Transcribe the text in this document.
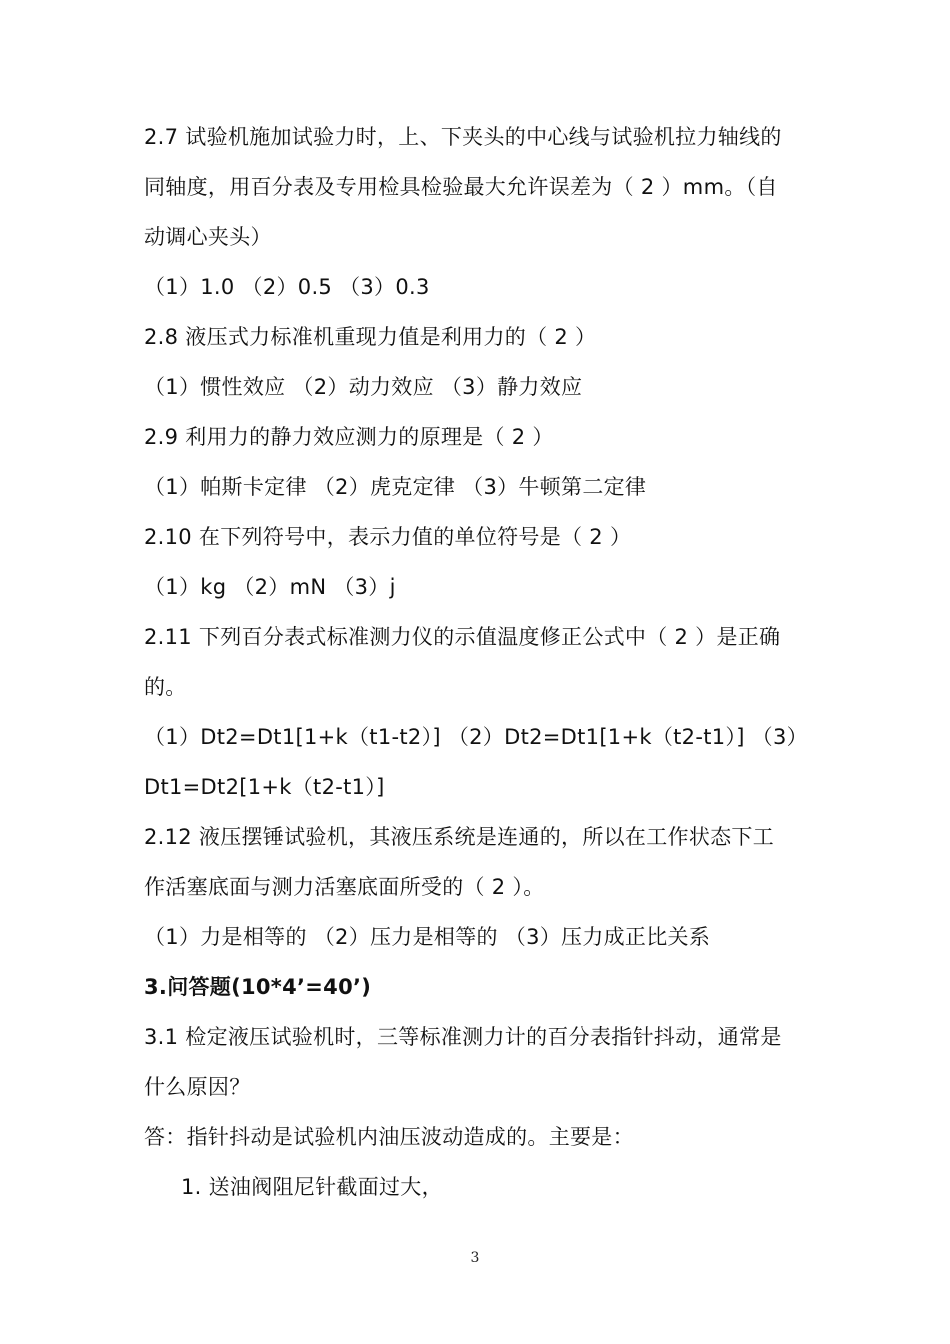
2.7 试验机施加试验力时，上、下夹头的中心线与试验机拉力轴线的
同轴度，用百分表及专用检具检验最大允许误差为（ 2 ）mm。（自
动调心夹头）
（1）1.0 （2）0.5 （3）0.3
2.8 液压式力标准机重现力值是利用力的（ 2 ）
（1）惯性效应 （2）动力效应 （3）静力效应
2.9 利用力的静力效应测力的原理是（ 2 ）
（1）帕斯卡定律 （2）虎克定律 （3）牛顿第二定律
2.10 在下列符号中，表示力值的单位符号是（ 2 ）
（1）kg （2）mN （3）j
2.11 下列百分表式标准测力仪的示值温度修正公式中（ 2 ）是正确
的。
（1）Dt2=Dt1[1+k（t1-t2）] （2）Dt2=Dt1[1+k（t2-t1）] （3）
Dt1=Dt2[1+k（t2-t1）]
2.12 液压摆锤试验机，其液压系统是连通的，所以在工作状态下工
作活塞底面与测力活塞底面所受的（ 2 ）。
（1）力是相等的 （2）压力是相等的 （3）压力成正比关系
3.问答题(10*4’=40’)
3.1 检定液压试验机时，三等标准测力计的百分表指针抖动，通常是
什么原因？
答：指针抖动是试验机内油压波动造成的。主要是：
1. 送油阀阻尼针截面过大，
3
